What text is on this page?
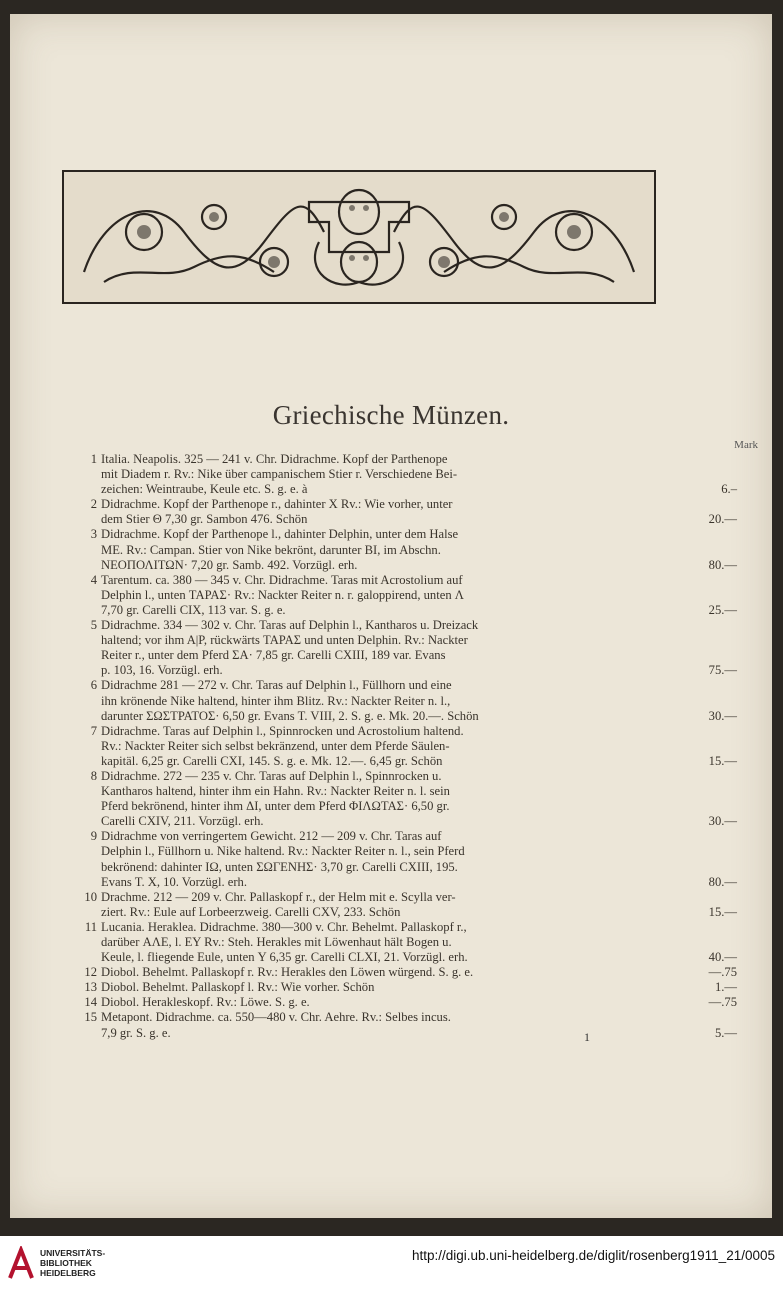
Griechische Münzen.
Mark
1 Italia. Neapolis. 325 — 241 v. Chr. Didrachme. Kopf der Parthenope
mit Diadem r. Rv.: Nike über campanischem Stier r. Verschiedene Bei-
zeichen: Weintraube, Keule etc. S. g. e. à	6.–
2 Didrachme. Kopf der Parthenope r., dahinter X Rv.: Wie vorher, unter
dem Stier Θ 7,30 gr. Sambon 476. Schön	20.—
3 Didrachme. Kopf der Parthenope l., dahinter Delphin, unter dem Halse
ME. Rv.: Campan. Stier von Nike bekrönt, darunter BI, im Abschn.
ΝΕΟΠΟΛΙΤΩΝ· 7,20 gr. Samb. 492. Vorzügl. erh.	80.—
4 Tarentum. ca. 380 — 345 v. Chr. Didrachme. Taras mit Acrostolium auf
Delphin l., unten ΤΑΡΑΣ· Rv.: Nackter Reiter n. r. galoppirend, unten Λ
7,70 gr. Carelli CIX, 113 var. S. g. e.	25.—
5 Didrachme. 334 — 302 v. Chr. Taras auf Delphin l., Kantharos u. Dreizack
haltend; vor ihm A|P, rückwärts ΤΑΡΑΣ und unten Delphin. Rv.: Nackter
Reiter r., unter dem Pferd ΣΑ· 7,85 gr. Carelli CXIII, 189 var. Evans
p. 103, 16. Vorzügl. erh.	75.—
6 Didrachme 281 — 272 v. Chr. Taras auf Delphin l., Füllhorn und eine
ihn krönende Nike haltend, hinter ihm Blitz. Rv.: Nackter Reiter n. l.,
darunter ΣΩΣΤΡΑΤΟΣ· 6,50 gr. Evans T. VIII, 2. S. g. e. Mk. 20.—. Schön	30.—
7 Didrachme. Taras auf Delphin l., Spinnrocken und Acrostolium haltend.
Rv.: Nackter Reiter sich selbst bekränzend, unter dem Pferde Säulen-
kapitäl. 6,25 gr. Carelli CXI, 145. S. g. e. Mk. 12.—. 6,45 gr. Schön	15.—
8 Didrachme. 272 — 235 v. Chr. Taras auf Delphin l., Spinnrocken u.
Kantharos haltend, hinter ihm ein Hahn. Rv.: Nackter Reiter n. l. sein
Pferd bekrönend, hinter ihm ΔΙ, unter dem Pferd ΦΙΛΩΤΑΣ· 6,50 gr.
Carelli CXIV, 211. Vorzügl. erh.	30.—
9 Didrachme von verringertem Gewicht. 212 — 209 v. Chr. Taras auf
Delphin l., Füllhorn u. Nike haltend. Rv.: Nackter Reiter n. l., sein Pferd
bekrönend: dahinter ΙΩ, unten ΣΩΓΕΝΗΣ· 3,70 gr. Carelli CXIII, 195.
Evans T. X, 10. Vorzügl. erh.	80.—
10 Drachme. 212 — 209 v. Chr. Pallaskopf r., der Helm mit e. Scylla ver-
ziert. Rv.: Eule auf Lorbeerzweig. Carelli CXV, 233. Schön	15.—
11 Lucania. Heraklea. Didrachme. 380—300 v. Chr. Behelmt. Pallaskopf r.,
darüber ΑΛΕ, l. ΕΥ Rv.: Steh. Herakles mit Löwenhaut hält Bogen u.
Keule, l. fliegende Eule, unten Υ 6,35 gr. Carelli CLXI, 21. Vorzügl. erh.	40.—
12 Diobol. Behelmt. Pallaskopf r. Rv.: Herakles den Löwen würgend. S. g. e.	—.75
13 Diobol. Behelmt. Pallaskopf l. Rv.: Wie vorher. Schön	1.—
14 Diobol. Herakleskopf. Rv.: Löwe. S. g. e.	—.75
15 Metapont. Didrachme. ca. 550—480 v. Chr. Aehre. Rv.: Selbes incus.
7,9 gr. S. g. e.	5.—
1
UNIVERSITÄTS-
BIBLIOTHEK
HEIDELBERG
http://digi.ub.uni-heidelberg.de/diglit/rosenberg1911_21/0005
